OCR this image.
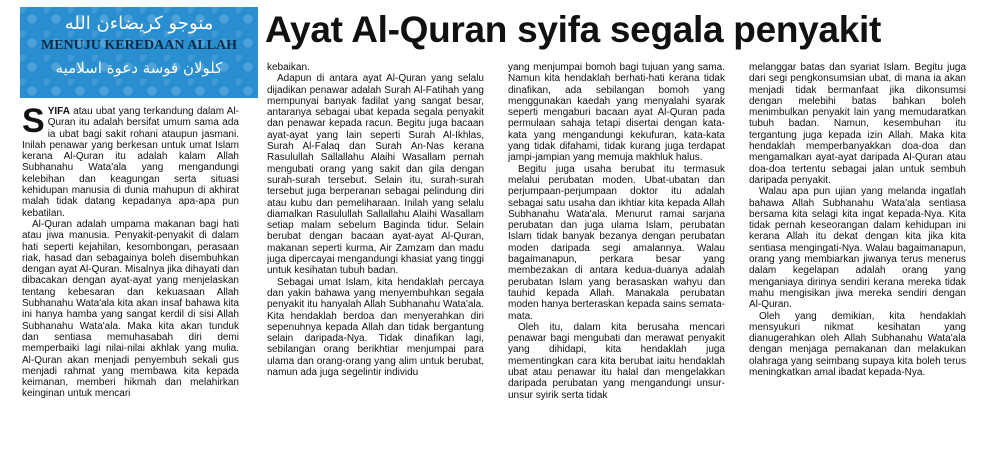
منوجو كريضاءن الله
MENUJU KEREDAAN ALLAH
كلولان فوسة دعوة اسلاميه
Ayat Al-Quran syifa segala penyakit

SYIFA atau ubat yang terkandung dalam Al-Quran itu adalah bersifat umum sama ada ia ubat bagi sakit rohani ataupun jasmani. Inilah penawar yang berkesan untuk umat Islam kerana Al-Quran itu adalah kalam Allah Subhanahu Wata'ala yang mengandungi kelebihan dan keagungan serta situasi kehidupan manusia di dunia mahupun di akhirat malah tidak datang kepadanya apa-apa pun kebatilan.

Al-Quran adalah umpama makanan bagi hati atau jiwa manusia. Penyakit-penyakit di dalam hati seperti kejahilan, kesombongan, perasaan riak, hasad dan sebagainya boleh disembuhkan dengan ayat Al-Quran. Misalnya jika dihayati dan dibacakan dengan ayat-ayat yang menjelaskan tentang kebesaran dan kekuasaan Allah Subhanahu Wata'ala kita akan insaf bahawa kita ini hanya hamba yang sangat kerdil di sisi Allah Subhanahu Wata'ala. Maka kita akan tunduk dan sentiasa memuhasabah diri demi memperbaiki lagi nilai-nilai akhlak yang mulia. Al-Quran akan menjadi penyembuh sekali gus menjadi rahmat yang membawa kita kepada keimanan, memberi hikmah dan melahirkan keinginan untuk mencari

kebaikan.

Adapun di antara ayat Al-Quran yang selalu dijadikan penawar adalah Surah Al-Fatihah yang mempunyai banyak fadilat yang sangat besar, antaranya sebagai ubat kepada segala penyakit dan penawar kepada racun. Begitu juga bacaan ayat-ayat yang lain seperti Surah Al-Ikhlas, Surah Al-Falaq dan Surah An-Nas kerana Rasulullah Sallallahu Alaihi Wasallam pernah mengubati orang yang sakit dan gila dengan surah-surah tersebut. Selain itu, surah-surah tersebut juga berperanan sebagai pelindung diri atau kubu dan pemeliharaan. Inilah yang selalu diamalkan Rasulullah Sallallahu Alaihi Wasallam setiap malam sebelum Baginda tidur. Selain berubat dengan bacaan ayat-ayat Al-Quran, makanan seperti kurma, Air Zamzam dan madu juga dipercayai mengandungi khasiat yang tinggi untuk kesihatan tubuh badan.

Sebagai umat Islam, kita hendaklah percaya dan yakin bahawa yang menyembuhkan segala penyakit itu hanyalah Allah Subhanahu Wata'ala. Kita hendaklah berdoa dan menyerahkan diri sepenuhnya kepada Allah dan tidak bergantung selain daripada-Nya. Tidak dinafikan lagi, sebilangan orang berikhtiar menjumpai para ulama dan orang-orang yang alim untuk berubat, namun ada juga segelintir individu

yang menjumpai bomoh bagi tujuan yang sama. Namun kita hendaklah berhati-hati kerana tidak dinafikan, ada sebilangan bomoh yang menggunakan kaedah yang menyalahi syarak seperti mengaburi bacaan ayat Al-Quran pada permulaan sahaja tetapi disertai dengan kata-kata yang mengandungi kekufuran, kata-kata yang tidak difahami, tidak kurang juga terdapat jampi-jampian yang memuja makhluk halus.

Begitu juga usaha berubat itu termasuk melalui perubatan moden. Ubat-ubatan dan perjumpaan-perjumpaan doktor itu adalah sebagai satu usaha dan ikhtiar kita kepada Allah Subhanahu Wata'ala. Menurut ramai sarjana perubatan dan juga ulama Islam, perubatan Islam tidak banyak bezanya dengan perubatan moden daripada segi amalannya. Walau bagaimanapun, perkara besar yang membezakan di antara kedua-duanya adalah perubatan Islam yang berasaskan wahyu dan tauhid kepada Allah. Manakala perubatan moden hanya berteraskan kepada sains semata-mata.

Oleh itu, dalam kita berusaha mencari penawar bagi mengubati dan merawat penyakit yang dihidapi, kita hendaklah juga mementingkan cara kita berubat iaitu hendaklah ubat atau penawar itu halal dan mengelakkan daripada perubatan yang mengandungi unsur-unsur syirik serta tidak

melanggar batas dan syariat Islam. Begitu juga dari segi pengkonsumsian ubat, di mana ia akan menjadi tidak bermanfaat jika dikonsumsi dengan melebihi batas bahkan boleh menimbulkan penyakit lain yang memudaratkan tubuh badan. Namun, kesembuhan itu tergantung juga kepada izin Allah. Maka kita hendaklah memperbanyakkan doa-doa dan mengamalkan ayat-ayat daripada Al-Quran atau doa-doa tertentu sebagai jalan untuk sembuh daripada penyakit.

Walau apa pun ujian yang melanda ingatlah bahawa Allah Subhanahu Wata'ala sentiasa bersama kita selagi kita ingat kepada-Nya. Kita tidak pernah keseorangan dalam kehidupan ini kerana Allah itu dekat dengan kita jika kita sentiasa mengingati-Nya. Walau bagaimanapun, orang yang membiarkan jiwanya terus menerus dalam kegelapan adalah orang yang menganiaya dirinya sendiri kerana mereka tidak mahu mengisikan jiwa mereka sendiri dengan Al-Quran.

Oleh yang demikian, kita hendaklah mensyukuri nikmat kesihatan yang dianugerahkan oleh Allah Subhanahu Wata'ala dengan menjaga pemakanan dan melakukan olahraga yang seimbang supaya kita boleh terus meningkatkan amal ibadat kepada-Nya.
